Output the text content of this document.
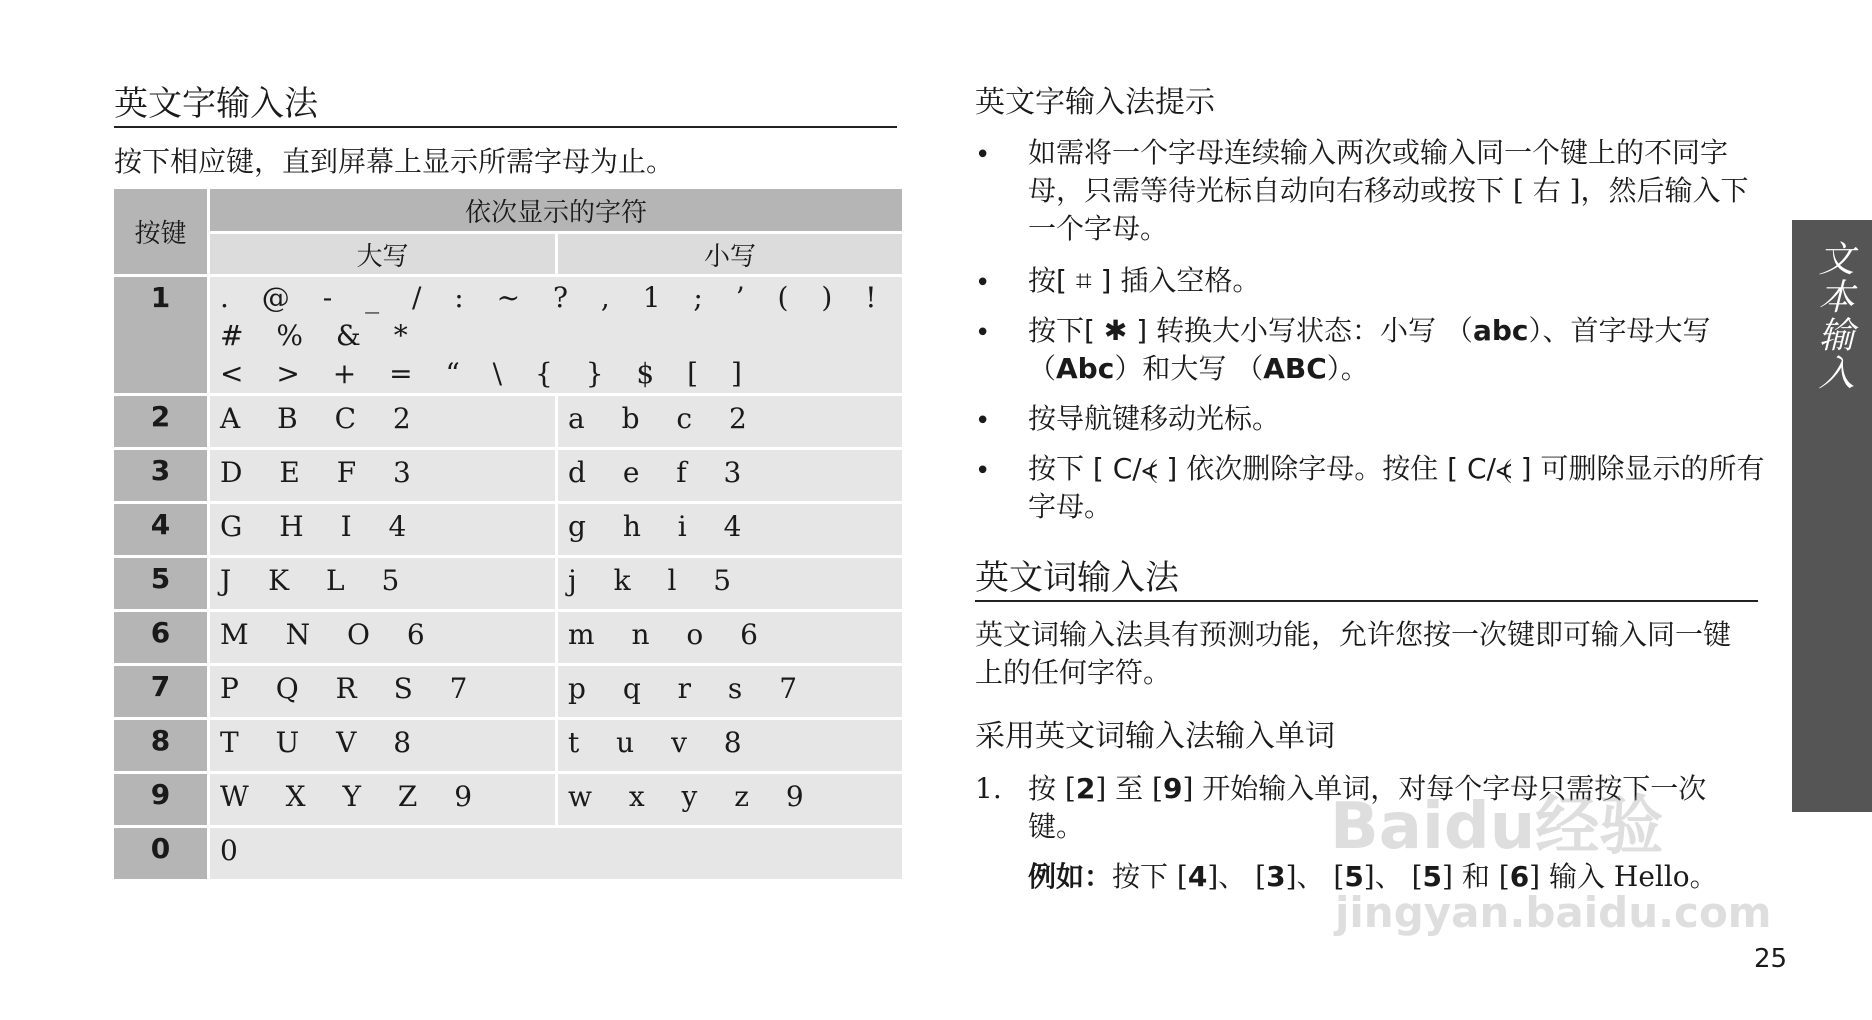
英文字输入法
按下相应键，直到屏幕上显示所需字母为止。
按键	依次显示的字符	
	大写	小写
1	. @ - _ / : ~ ? , 1 ; ’ ( ) ! # % & *
< > + = “ \ { } $ [ ]	

2	A B C 2	a b c 2
3	D E F 3	d e f 3
4	G H I 4	g h i 4
5	J K L 5	j k l 5
6	M N O 6	m n o 6
7	P Q R S 7	p q r s 7
8	T U V 8	t u v 8
9	W X Y Z 9	w x y z 9
0	0	
英文字输入法提示
• 如需将一个字母连续输入两次或输入同一个键上的不同字母，只需等待光标自动向右移动或按下 [ 右 ]，然后输入下一个字母。
• 按[ ⌗ ] 插入空格。
• 按下[ ✱ ] 转换大小写状态：小写 （abc）、首字母大写（Abc）和大写 （ABC）。
• 按导航键移动光标。
• 按下 [ C/⦓ ] 依次删除字母。按住 [ C/⦓ ] 可删除显示的所有字母。
英文词输入法
英文词输入法具有预测功能，允许您按一次键即可输入同一键上的任何字符。
采用英文词输入法输入单词
1. 按 [2] 至 [9] 开始输入单词，对每个字母只需按下一次键。
例如：按下 [4]、 [3]、 [5]、 [5] 和 [6] 输入 Hello。
Baidu经验
jingyan.baidu.com
文本输入
25
